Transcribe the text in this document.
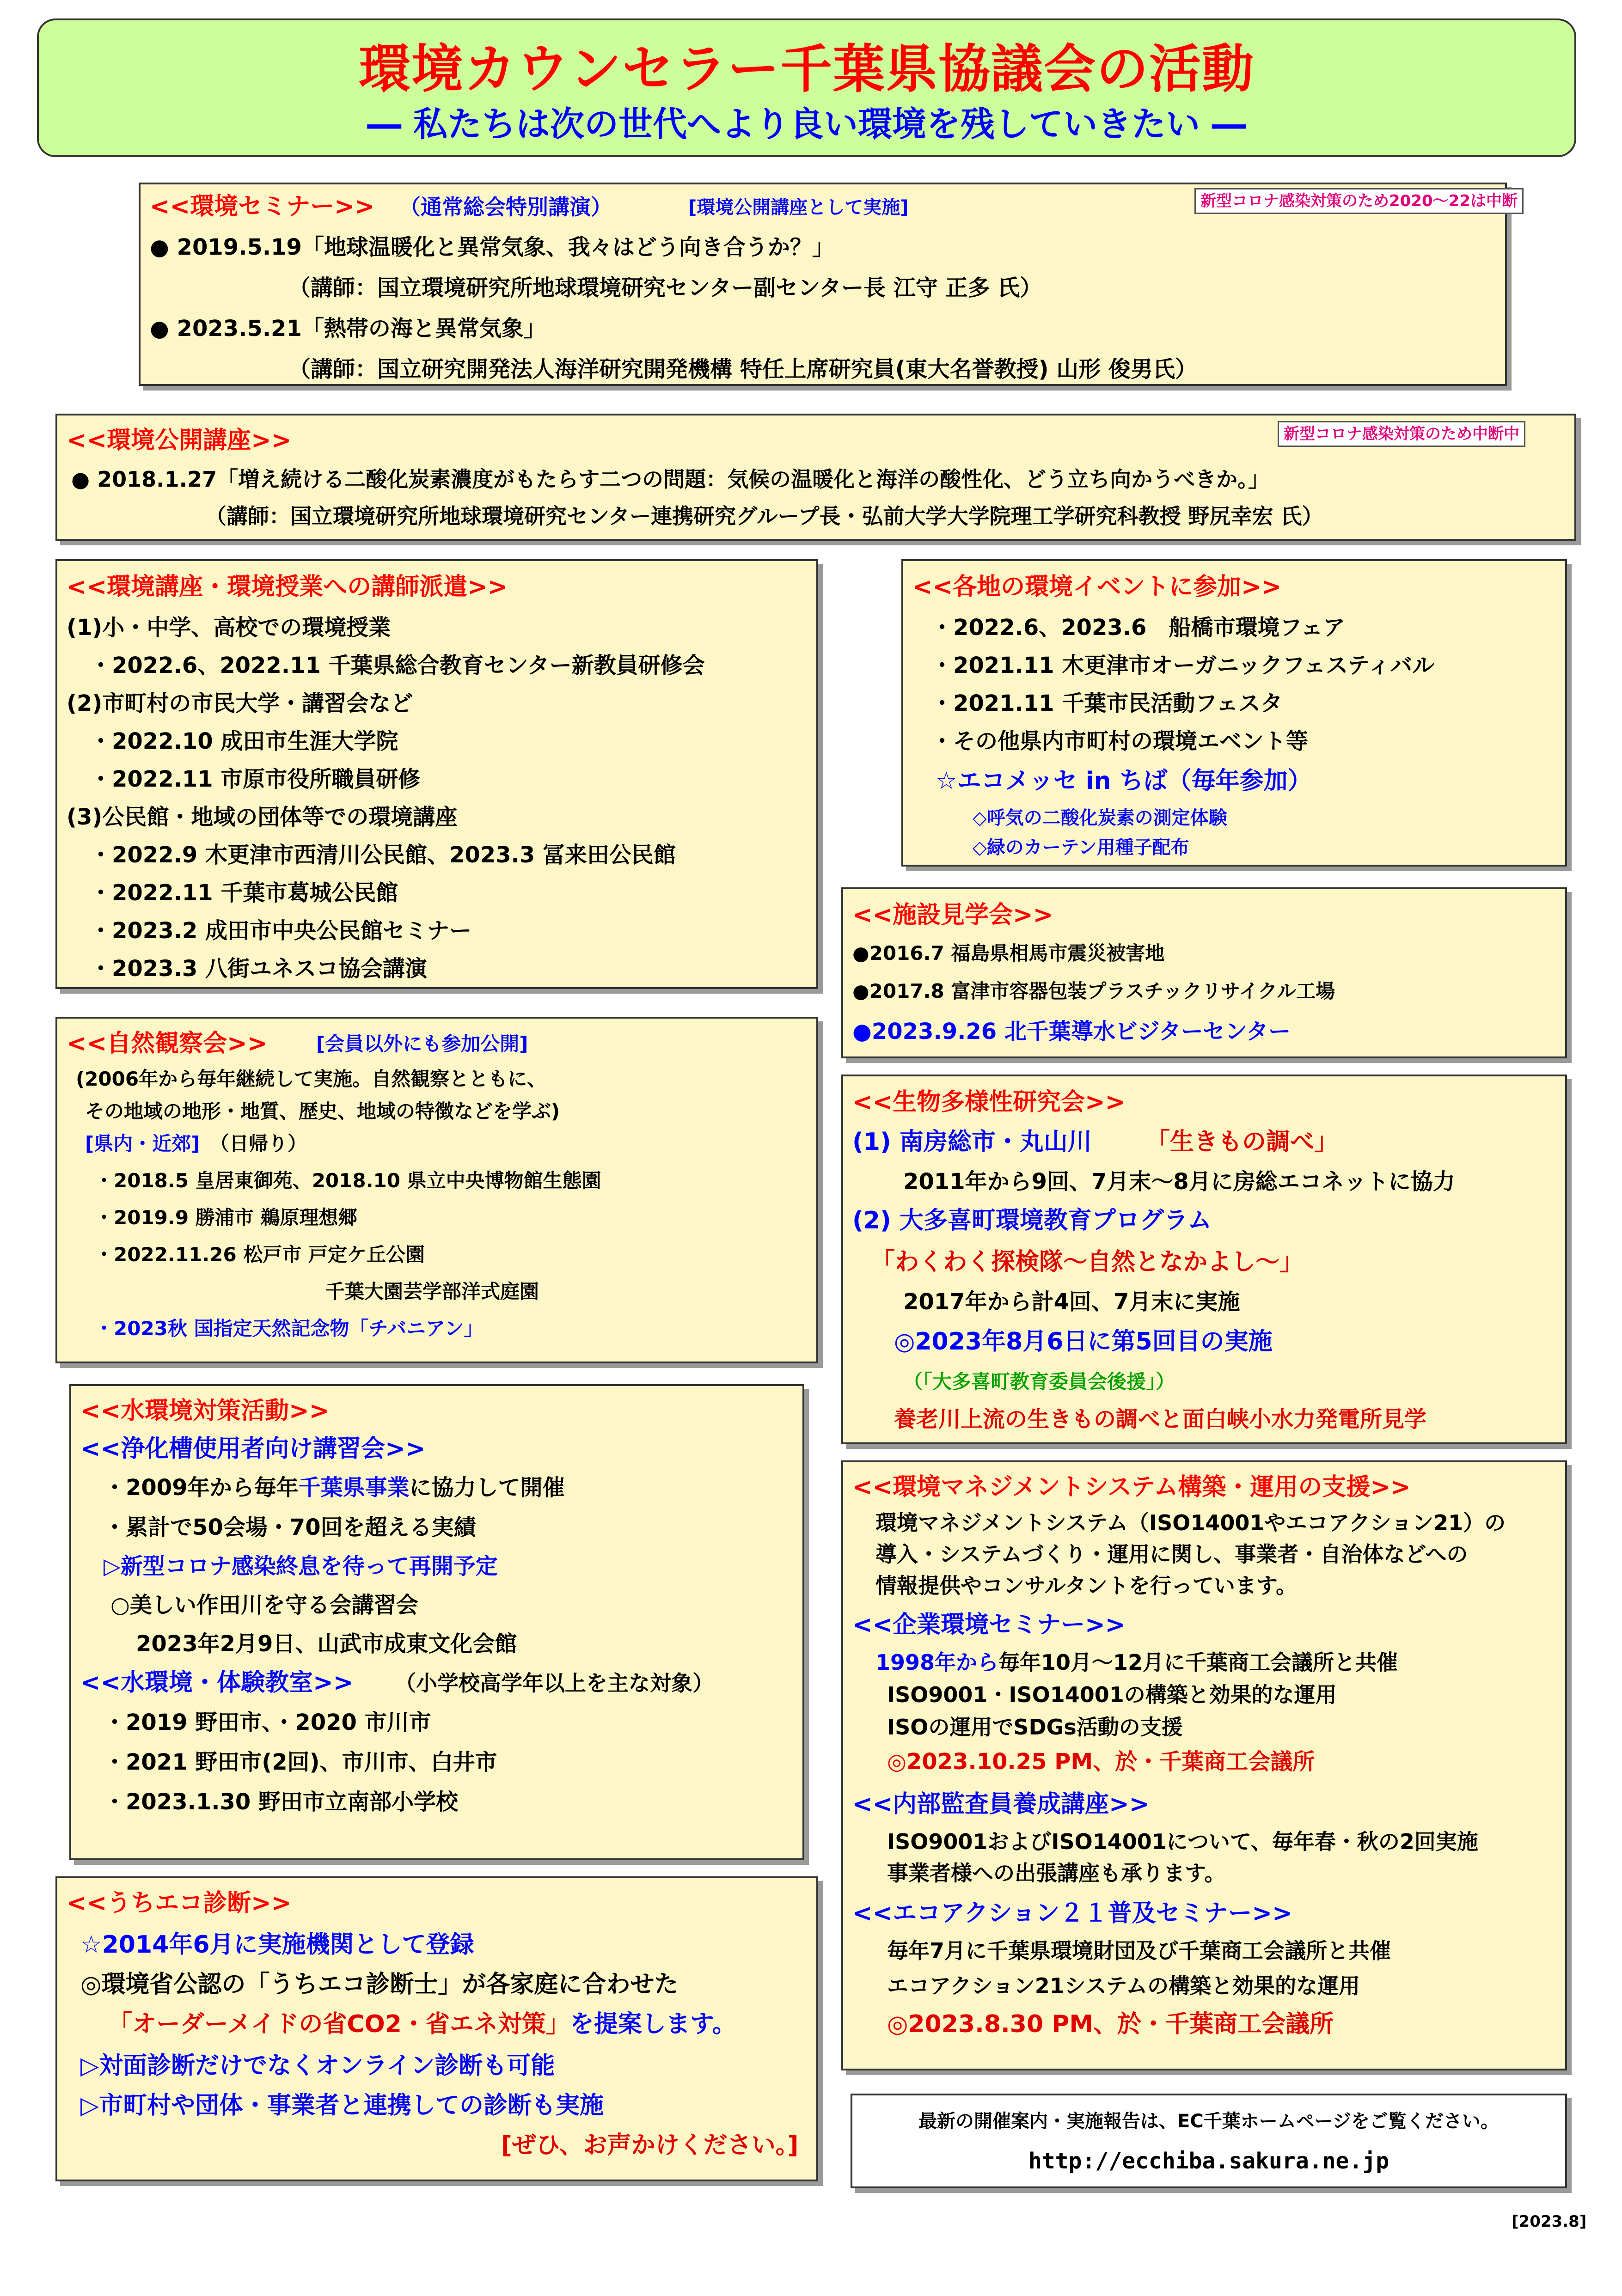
環境カウンセラー千葉県協議会の活動
― 私たちは次の世代へより良い環境を残していきたい ―
<<環境セミナー>> （通常総会特別講演）	[環境公開講座として実施]	新型コロナ感染対策のため2020～22は中断
● 2019.5.19「地球温暖化と異常気象、我々はどう向き合うか？」
（講師：国立環境研究所地球環境研究センター副センター長 江守 正多 氏）
● 2023.5.21「熱帯の海と異常気象」
（講師：国立研究開発法人海洋研究開発機構 特任上席研究員(東大名誉教授) 山形 俊男氏）
<<環境公開講座>>	新型コロナ感染対策のため中断中
● 2018.1.27「増え続ける二酸化炭素濃度がもたらす二つの問題：気候の温暖化と海洋の酸性化、どう立ち向かうべきか。」
（講師：国立環境研究所地球環境研究センター連携研究グループ長・弘前大学大学院理工学研究科教授 野尻幸宏 氏）
<<環境講座・環境授業への講師派遣>>
(1)小・中学、高校での環境授業
・2022.6、2022.11 千葉県総合教育センター新教員研修会
(2)市町村の市民大学・講習会など
・2022.10 成田市生涯大学院
・2022.11 市原市役所職員研修
(3)公民館・地域の団体等での環境講座
・2022.9 木更津市西清川公民館、2023.3 冨来田公民館
・2022.11 千葉市葛城公民館
・2023.2 成田市中央公民館セミナー
・2023.3 八街ユネスコ協会講演
<<各地の環境イベントに参加>>
・2022.6、2023.6　船橋市環境フェア
・2021.11 木更津市オーガニックフェスティバル
・2021.11 千葉市民活動フェスタ
・その他県内市町村の環境エベント等
☆エコメッセ in ちば（毎年参加）
◇呼気の二酸化炭素の測定体験
◇緑のカーテン用種子配布
<<施設見学会>>
●2016.7 福島県相馬市震災被害地
●2017.8 富津市容器包装プラスチックリサイクル工場
●2023.9.26 北千葉導水ビジターセンター
<<自然観察会>>	[会員以外にも参加公開]
(2006年から毎年継続して実施。自然観察とともに、
その地域の地形・地質、歴史、地域の特徴などを学ぶ)
[県内・近郊] （日帰り）
・2018.5 皇居東御苑、2018.10 県立中央博物館生態園
・2019.9 勝浦市 鵜原理想郷
・2022.11.26 松戸市 戸定ケ丘公園
千葉大園芸学部洋式庭園
・2023秋 国指定天然記念物「チバニアン」
<<生物多様性研究会>>
(1) 南房総市・丸山川 「生きもの調べ」
2011年から9回、7月末～8月に房総エコネットに協力
(2) 大多喜町環境教育プログラム
「わくわく探検隊～自然となかよし～」
2017年から計4回、7月末に実施
◎2023年8月6日に第5回目の実施
（「大多喜町教育委員会後援」）
養老川上流の生きもの調べと面白峡小水力発電所見学
<<水環境対策活動>>
<<浄化槽使用者向け講習会>>
・2009年から毎年千葉県事業に協力して開催
・累計で50会場・70回を超える実績
▷新型コロナ感染終息を待って再開予定
○美しい作田川を守る会講習会
2023年2月9日、山武市成東文化会館
<<水環境・体験教室>> （小学校高学年以上を主な対象）
・2019 野田市、・2020 市川市
・2021 野田市(2回)、市川市、白井市
・2023.1.30 野田市立南部小学校
<<環境マネジメントシステム構築・運用の支援>>
環境マネジメントシステム（ISO14001やエコアクション21）の
導入・システムづくり・運用に関し、事業者・自治体などへの
情報提供やコンサルタントを行っています。
<<企業環境セミナー>>
1998年から毎年10月～12月に千葉商工会議所と共催
ISO9001・ISO14001の構築と効果的な運用
ISOの運用でSDGs活動の支援
◎2023.10.25 PM、於・千葉商工会議所
<<内部監査員養成講座>>
ISO9001およびISO14001について、毎年春・秋の2回実施
事業者様への出張講座も承ります。
<<エコアクション２１普及セミナー>>
毎年7月に千葉県環境財団及び千葉商工会議所と共催
エコアクション21システムの構築と効果的な運用
◎2023.8.30 PM、於・千葉商工会議所
<<うちエコ診断>>
☆2014年6月に実施機関として登録
◎環境省公認の「うちエコ診断士」が各家庭に合わせた
「オーダーメイドの省CO2・省エネ対策」を提案します。
▷対面診断だけでなくオンライン診断も可能
▷市町村や団体・事業者と連携しての診断も実施
[ぜひ、お声かけください。]
最新の開催案内・実施報告は、EC千葉ホームページをご覧ください。
http://ecchiba.sakura.ne.jp
[2023.8]
